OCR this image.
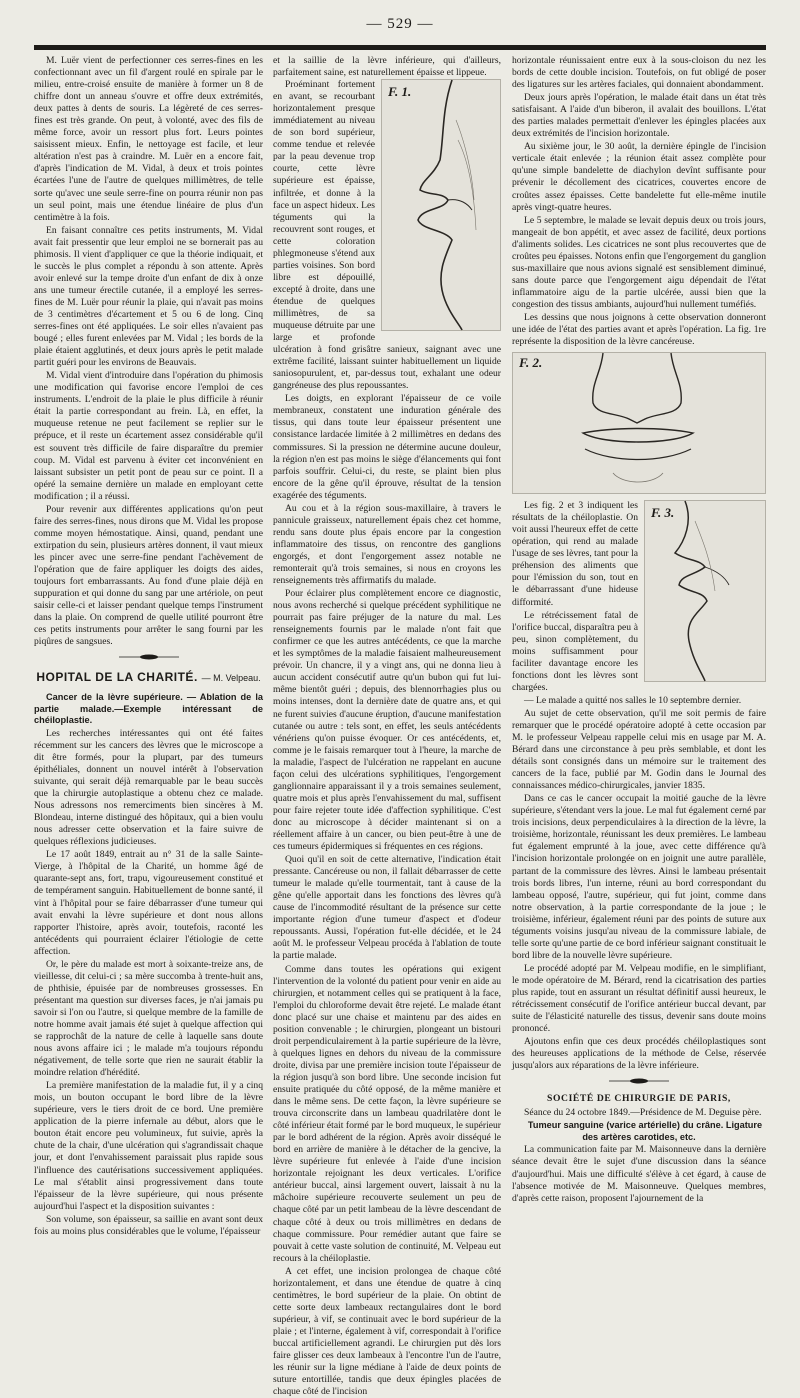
— 529 —

M. Luër vient de perfectionner ces serres-fines en les confectionnant avec un fil d'argent roulé en spirale par le milieu, entre-croisé ensuite de manière à former un 8 de chiffre dont un anneau s'ouvre et offre deux extrémités, deux pattes à dents de souris. La légèreté de ces serres-fines est très grande. On peut, à volonté, avec des fils de même force, avoir un ressort plus fort. Leurs pointes saisissent mieux. Enfin, le nettoyage est facile, et leur altération n'est pas à craindre. M. Luër en a encore fait, d'après l'indication de M. Vidal, à deux et trois pointes écartées l'une de l'autre de quelques millimètres, de telle sorte qu'avec une seule serre-fine on pourra réunir non pas un seul point, mais une étendue linéaire de plus d'un centimètre à la fois.

En faisant connaître ces petits instruments, M. Vidal avait fait pressentir que leur emploi ne se bornerait pas au phimosis. Il vient d'appliquer ce que la théorie indiquait, et le succès le plus complet a répondu à son attente. Après avoir enlevé sur la tempe droite d'un enfant de dix à onze ans une tumeur érectile cutanée, il a employé les serres-fines de M. Luër pour réunir la plaie, qui n'avait pas moins de 3 centimètres d'écartement et 5 ou 6 de long. Cinq serres-fines ont été appliquées. Le soir elles n'avaient pas bougé ; elles furent enlevées par M. Vidal ; les bords de la plaie étaient agglutinés, et deux jours après le petit malade partit guéri pour les environs de Beauvais.

M. Vidal vient d'introduire dans l'opération du phimosis une modification qui favorise encore l'emploi de ces instruments. L'endroit de la plaie le plus difficile à réunir était la partie correspondant au frein. Là, en effet, la muqueuse retenue ne peut facilement se replier sur le prépuce, et il reste un écartement assez considérable qu'il est souvent très difficile de faire disparaître du premier coup. M. Vidal est parvenu à éviter cet inconvénient en laissant subsister un petit pont de peau sur ce point. Il a opéré la semaine dernière un malade en employant cette modification ; il a réussi.

Pour revenir aux différentes applications qu'on peut faire des serres-fines, nous dirons que M. Vidal les propose comme moyen hémostatique. Ainsi, quand, pendant une extirpation du sein, plusieurs artères donnent, il vaut mieux les pincer avec une serre-fine pendant l'achèvement de l'opération que de faire appliquer les doigts des aides, toujours fort embarrassants. Au fond d'une plaie déjà en suppuration et qui donne du sang par une artériole, on peut saisir celle-ci et laisser pendant quelque temps l'instrument dans la plaie. On comprend de quelle utilité pourront être ces petits instruments pour arrêter le sang fourni par les piqûres de sangsues.

HOPITAL DE LA CHARITÉ. — M. Velpeau.

Cancer de la lèvre supérieure. — Ablation de la partie malade.—Exemple intéressant de chéiloplastie.

Les recherches intéressantes qui ont été faites récemment sur les cancers des lèvres que le microscope a dit être formés, pour la plupart, par des tumeurs épithéliales, donnent un nouvel intérêt à l'observation suivante, qui serait déjà remarquable par le beau succès que la chirurgie autoplastique a obtenu chez ce malade. Nous adressons nos remerciments bien sincères à M. Blondeau, interne distingué des hôpitaux, qui a bien voulu nous adresser cette observation et la faire suivre de quelques réflexions judicieuses.

Le 17 août 1849, entrait au n° 31 de la salle Sainte-Vierge, à l'hôpital de la Charité, un homme âgé de quarante-sept ans, fort, trapu, vigoureusement constitué et de tempérament sanguin. Habituellement de bonne santé, il vint à l'hôpital pour se faire débarrasser d'une tumeur qui avait envahi la lèvre supérieure et dont nous allons rapporter l'histoire, après avoir, toutefois, raconté les antécédents qui pourraient éclairer l'étiologie de cette affection.

Or, le père du malade est mort à soixante-treize ans, de vieillesse, dit celui-ci ; sa mère succomba à trente-huit ans, de phthisie, épuisée par de nombreuses grossesses. En présentant ma question sur diverses faces, je n'ai jamais pu savoir si l'on ou l'autre, si quelque membre de la famille de notre homme avait jamais été sujet à quelque affection qui se rapprochât de la nature de celle à laquelle sans doute nous avons affaire ici ; le malade m'a toujours répondu négativement, de telle sorte que rien ne saurait établir la moindre relation d'hérédité.

La première manifestation de la maladie fut, il y a cinq mois, un bouton occupant le bord libre de la lèvre supérieure, vers le tiers droit de ce bord. Une première application de la pierre infernale au début, alors que le bouton était encore peu volumineux, fut suivie, après la chute de la chair, d'une ulcération qui s'agrandissait chaque jour, et dont l'envahissement paraissait plus rapide sous l'influence des cautérisations successivement appliquées. Le mal s'établit ainsi progressivement dans toute l'épaisseur de la lèvre supérieure, qui nous présente aujourd'hui l'aspect et la disposition suivantes :

Son volume, son épaisseur, sa saillie en avant sont deux fois au moins plus considérables que le volume, l'épaisseur

et la saillie de la lèvre inférieure, qui d'ailleurs, parfaitement saine, est naturellement épaisse et lippeue.

F. 1.

Proéminant fortement en avant, se recourbant horizontalement presque immédiatement au niveau de son bord supérieur, comme tendue et relevée par la peau devenue trop courte, cette lèvre supérieure est épaisse, infiltrée, et donne à la face un aspect hideux. Les téguments qui la recouvrent sont rouges, et cette coloration phlegmoneuse s'étend aux parties voisines. Son bord libre est dépouillé, excepté à droite, dans une étendue de quelques millimètres, de sa muqueuse détruite par une large et profonde ulcération à fond grisâtre sanieux, saignant avec une extrême facilité, laissant suinter habituellement un liquide saniosopurulent, et, par-dessus tout, exhalant une odeur gangréneuse des plus repoussantes.

Les doigts, en explorant l'épaisseur de ce voile membraneux, constatent une induration générale des tissus, qui dans toute leur épaisseur présentent une consistance lardacée limitée à 2 millimètres en dedans des commissures. Si la pression ne détermine aucune douleur, la région n'en est pas moins le siège d'élancements qui font parfois souffrir. Celui-ci, du reste, se plaint bien plus encore de la gêne qu'il éprouve, résultat de la tension exagérée des téguments.

Au cou et à la région sous-maxillaire, à travers le pannicule graisseux, naturellement épais chez cet homme, rendu sans doute plus épais encore par la congestion inflammatoire des tissus, on rencontre des ganglions engorgés, et dont l'engorgement assez notable ne remonterait qu'à trois semaines, si nous en croyons les renseignements très affirmatifs du malade.

Pour éclairer plus complètement encore ce diagnostic, nous avons recherché si quelque précédent syphilitique ne pourrait pas faire préjuger de la nature du mal. Les renseignements fournis par le malade n'ont fait que confirmer ce que les autres antécédents, ce que la marche et les symptômes de la maladie faisaient malheureusement prévoir. Un chancre, il y a vingt ans, qui ne donna lieu à aucun accident consécutif autre qu'un bubon qui fut lui-même bientôt guéri ; depuis, des blennorrhagies plus ou moins intenses, dont la dernière date de quatre ans, et qui ne furent suivies d'aucune éruption, d'aucune manifestation cutanée ou autre : tels sont, en effet, les seuls antécédents vénériens qu'on puisse évoquer. Or ces antécédents, et, comme je le faisais remarquer tout à l'heure, la marche de la maladie, l'aspect de l'ulcération ne rappelant en aucune façon celui des ulcérations syphilitiques, l'engorgement ganglionnaire apparaissant il y a trois semaines seulement, quatre mois et plus après l'envahissement du mal, suffisent pour faire rejeter toute idée d'affection syphilitique. C'est donc au microscope à décider maintenant si on a réellement affaire à un cancer, ou bien peut-être à une de ces tumeurs épidermiques si fréquentes en ces régions.

Quoi qu'il en soit de cette alternative, l'indication était pressante. Cancéreuse ou non, il fallait débarrasser de cette tumeur le malade qu'elle tourmentait, tant à cause de la gêne qu'elle apportait dans les fonctions des lèvres qu'à cause de l'incommodité résultant de la présence sur cette importante région d'une tumeur d'aspect et d'odeur repoussants. Aussi, l'opération fut-elle décidée, et le 24 août M. le professeur Velpeau procéda à l'ablation de toute la partie malade.

Comme dans toutes les opérations qui exigent l'intervention de la volonté du patient pour venir en aide au chirurgien, et notamment celles qui se pratiquent à la face, l'emploi du chloroforme devait être rejeté. Le malade étant donc placé sur une chaise et maintenu par des aides en position convenable ; le chirurgien, plongeant un bistouri droit perpendiculairement à la partie supérieure de la lèvre, à quelques lignes en dehors du niveau de la commissure droite, divisa par une première incision toute l'épaisseur de la région jusqu'à son bord libre. Une seconde incision fut ensuite pratiquée du côté opposé, de la même manière et dans le même sens. De cette façon, la lèvre supérieure se trouva circonscrite dans un lambeau quadrilatère dont le côté inférieur était formé par le bord muqueux, le supérieur par le bord adhérent de la région. Après avoir disséqué le bord en arrière de manière à le détacher de la gencive, la lèvre supérieure fut enlevée à l'aide d'une incision horizontale rejoignant les deux verticales. L'orifice antérieur buccal, ainsi largement ouvert, laissait à nu la mâchoire supérieure recouverte seulement un peu de chaque côté par un petit lambeau de la lèvre descendant de chaque côté à deux ou trois millimètres en dedans de chaque commissure. Pour remédier autant que faire se pouvait à cette vaste solution de continuité, M. Velpeau eut recours à la chéiloplastie.

A cet effet, une incision prolongea de chaque côté horizontalement, et dans une étendue de quatre à cinq centimètres, le bord supérieur de la plaie. On obtint de cette sorte deux lambeaux rectangulaires dont le bord supérieur, à vif, se continuait avec le bord supérieur de la plaie ; et l'interne, également à vif, correspondait à l'orifice buccal artificiellement agrandi. Le chirurgien put dès lors faire glisser ces deux lambeaux à l'encontre l'un de l'autre, les réunir sur la ligne médiane à l'aide de deux points de suture entortillée, tandis que deux épingles placées de chaque côté de l'incision

horizontale réunissaient entre eux à la sous-cloison du nez les bords de cette double incision. Toutefois, on fut obligé de poser des ligatures sur les artères faciales, qui donnaient abondamment.

Deux jours après l'opération, le malade était dans un état très satisfaisant. A l'aide d'un biberon, il avalait des bouillons. L'état des parties malades permettait d'enlever les épingles placées aux deux extrémités de l'incision horizontale.

Au sixième jour, le 30 août, la dernière épingle de l'incision verticale était enlevée ; la réunion était assez complète pour qu'une simple bandelette de diachylon devînt suffisante pour prévenir le décollement des cicatrices, couvertes encore de croûtes assez épaisses. Cette bandelette fut elle-même inutile après vingt-quatre heures.

Le 5 septembre, le malade se levait depuis deux ou trois jours, mangeait de bon appétit, et avec assez de facilité, deux portions d'aliments solides. Les cicatrices ne sont plus recouvertes que de croûtes peu épaisses. Notons enfin que l'engorgement du ganglion sus-maxillaire que nous avions signalé est sensiblement diminué, sans doute parce que l'engorgement aigu dépendait de l'état inflammatoire aigu de la partie ulcérée, aussi bien que la congestion des tissus ambiants, aujourd'hui nullement tuméfiés.

Les dessins que nous joignons à cette observation donneront une idée de l'état des parties avant et après l'opération. La fig. 1re représente la disposition de la lèvre cancéreuse.

F. 2.
F. 3.

Les fig. 2 et 3 indiquent les résultats de la chéiloplastie. On voit aussi l'heureux effet de cette opération, qui rend au malade l'usage de ses lèvres, tant pour la préhension des aliments que pour l'émission du son, tout en le débarrassant d'une hideuse difformité.

Le rétrécissement fatal de l'orifice buccal, disparaîtra peu à peu, sinon complètement, du moins suffisamment pour faciliter davantage encore les fonctions dont les lèvres sont chargées.

— Le malade a quitté nos salles le 10 septembre dernier.

Au sujet de cette observation, qu'il me soit permis de faire remarquer que le procédé opératoire adopté à cette occasion par M. le professeur Velpeau rappelle celui mis en usage par M. A. Bérard dans une circonstance à peu près semblable, et dont les détails sont consignés dans un mémoire sur le traitement des cancers de la face, publié par M. Godin dans le Journal des connaissances médico-chirurgicales, janvier 1835.

Dans ce cas le cancer occupait la moitié gauche de la lèvre supérieure, s'étendant vers la joue. Le mal fut également cerné par trois incisions, deux perpendiculaires à la direction de la lèvre, la troisième, horizontale, réunissant les deux premières. Le lambeau fut également emprunté à la joue, avec cette différence qu'à l'incision horizontale prolongée on en joignit une autre parallèle, partant de la commissure des lèvres. Ainsi le lambeau présentait trois bords libres, l'un interne, réuni au bord correspondant du lambeau opposé, l'autre, supérieur, qui fut joint, comme dans notre observation, à la partie correspondante de la joue ; le troisième, inférieur, également réuni par des points de suture aux téguments voisins jusqu'au niveau de la commissure labiale, de telle sorte qu'une partie de ce bord inférieur saignant constituait le bord libre de la nouvelle lèvre supérieure.

Le procédé adopté par M. Velpeau modifie, en le simplifiant, le mode opératoire de M. Bérard, rend la cicatrisation des parties plus rapide, tout en assurant un résultat définitif aussi heureux, le rétrécissement consécutif de l'orifice antérieur buccal devant, par suite de l'élasticité naturelle des tissus, devenir sans doute moins prononcé.

Ajoutons enfin que ces deux procédés chéiloplastiques sont des heureuses applications de la méthode de Celse, réservée jusqu'alors aux réparations de la lèvre inférieure.

SOCIÉTÉ DE CHIRURGIE DE PARIS,

Séance du 24 octobre 1849.—Présidence de M. Deguise père.

Tumeur sanguine (varice artérielle) du crâne. Ligature des artères carotides, etc.

La communication faite par M. Maisonneuve dans la dernière séance devait être le sujet d'une discussion dans la séance d'aujourd'hui. Mais une difficulté s'élève à cet égard, à cause de l'absence motivée de M. Maisonneuve. Quelques membres, d'après cette raison, proposent l'ajournement de la
